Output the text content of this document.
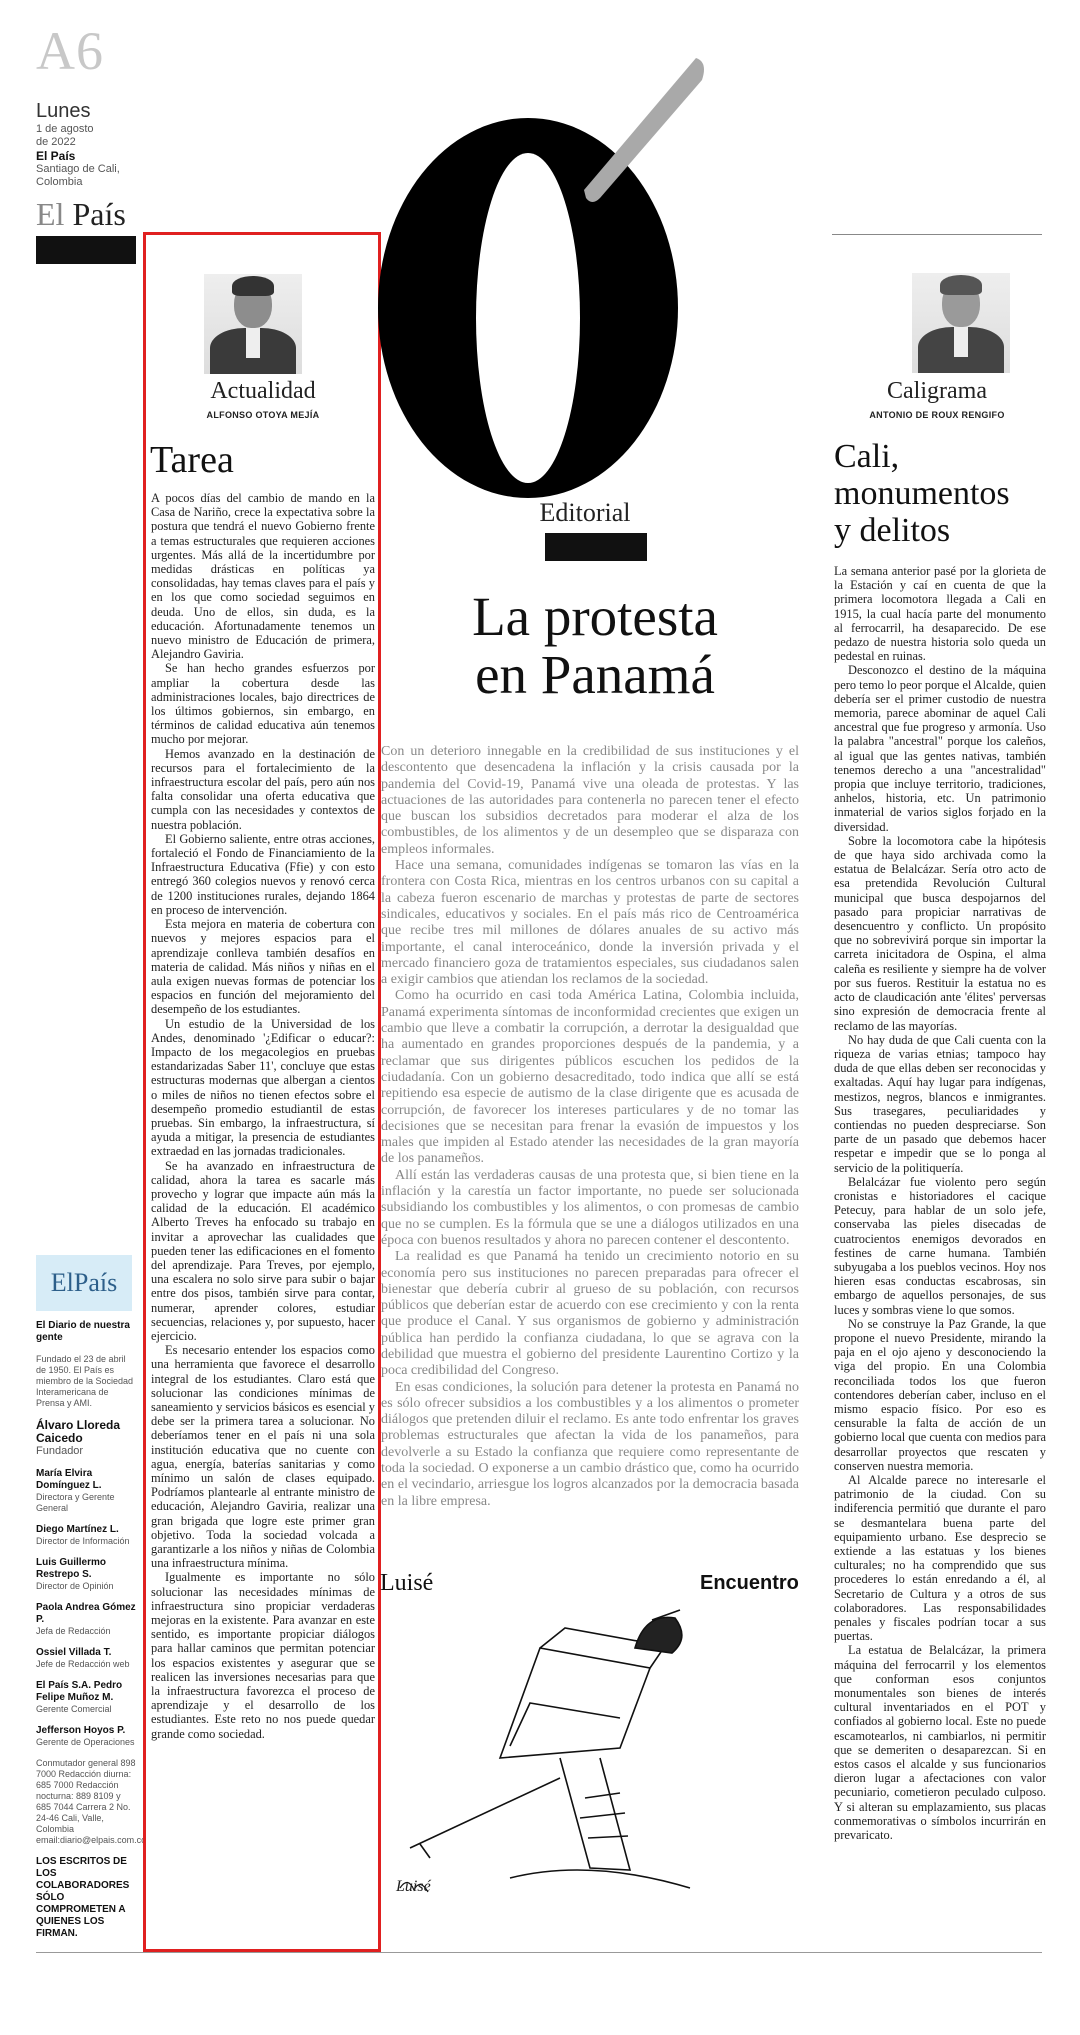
A6
Lunes
1 de agosto
de 2022
El País
Santiago de Cali,
Colombia
El País
ElPaís
El Diario de nuestra gente
Fundado el 23 de abril de 1950. El País es miembro de la Sociedad Interamericana de Prensa y AMI.
Álvaro Lloreda Caicedo
Fundador
María Elvira Domínguez L.
Directora y Gerente General
Diego Martínez L.
Director de Información
Luis Guillermo Restrepo S.
Director de Opinión
Paola Andrea Gómez P.
Jefa de Redacción
Ossiel Villada T.
Jefe de Redacción web
El País S.A. Pedro Felipe Muñoz M.
Gerente Comercial
Jefferson Hoyos P.
Gerente de Operaciones
Conmutador general 898 7000 Redacción diurna: 685 7000 Redacción nocturna: 889 8109 y 685 7044 Carrera 2 No. 24-46 Cali, Valle, Colombia email:diario@elpais.com.co
LOS ESCRITOS DE LOS COLABORADORES SÓLO COMPROMETEN A QUIENES LOS FIRMAN.
Actualidad
ALFONSO OTOYA MEJÍA
Tarea

A pocos días del cambio de mando en la Casa de Nariño, crece la expectativa sobre la postura que tendrá el nuevo Gobierno frente a temas estructurales que requieren acciones urgentes. Más allá de la incertidumbre por medidas drásticas en políticas ya consolidadas, hay temas claves para el país y en los que como sociedad seguimos en deuda. Uno de ellos, sin duda, es la educación. Afortunadamente tenemos un nuevo ministro de Educación de primera, Alejandro Gaviria.

Se han hecho grandes esfuerzos por ampliar la cobertura desde las administraciones locales, bajo directrices de los últimos gobiernos, sin embargo, en términos de calidad educativa aún tenemos mucho por mejorar.

Hemos avanzado en la destinación de recursos para el fortalecimiento de la infraestructura escolar del país, pero aún nos falta consolidar una oferta educativa que cumpla con las necesidades y contextos de nuestra población.

El Gobierno saliente, entre otras acciones, fortaleció el Fondo de Financiamiento de la Infraestructura Educativa (Ffie) y con esto entregó 360 colegios nuevos y renovó cerca de 1200 instituciones rurales, dejando 1864 en proceso de intervención.

Esta mejora en materia de cobertura con nuevos y mejores espacios para el aprendizaje conlleva también desafíos en materia de calidad. Más niños y niñas en el aula exigen nuevas formas de potenciar los espacios en función del mejoramiento del desempeño de los estudiantes.

Un estudio de la Universidad de los Andes, denominado '¿Edificar o educar?: Impacto de los megacolegios en pruebas estandarizadas Saber 11', concluye que estas estructuras modernas que albergan a cientos o miles de niños no tienen efectos sobre el desempeño promedio estudiantil de estas pruebas. Sin embargo, la infraestructura, sí ayuda a mitigar, la presencia de estudiantes extraedad en las jornadas tradicionales.

Se ha avanzado en infraestructura de calidad, ahora la tarea es sacarle más provecho y lograr que impacte aún más la calidad de la educación. El académico Alberto Treves ha enfocado su trabajo en invitar a aprovechar las cualidades que pueden tener las edificaciones en el fomento del aprendizaje. Para Treves, por ejemplo, una escalera no solo sirve para subir o bajar entre dos pisos, también sirve para contar, numerar, aprender colores, estudiar secuencias, relaciones y, por supuesto, hacer ejercicio.

Es necesario entender los espacios como una herramienta que favorece el desarrollo integral de los estudiantes. Claro está que solucionar las condiciones mínimas de saneamiento y servicios básicos es esencial y debe ser la primera tarea a solucionar. No deberíamos tener en el país ni una sola institución educativa que no cuente con agua, energía, baterías sanitarias y como mínimo un salón de clases equipado. Podríamos plantearle al entrante ministro de educación, Alejandro Gaviria, realizar una gran brigada que logre este primer gran objetivo. Toda la sociedad volcada a garantizarle a los niños y niñas de Colombia una infraestructura mínima.

Igualmente es importante no sólo solucionar las necesidades mínimas de infraestructura sino propiciar verdaderas mejoras en la existente. Para avanzar en este sentido, es importante propiciar diálogos para hallar caminos que permitan potenciar los espacios existentes y asegurar que se realicen las inversiones necesarias para que la infraestructura favorezca el proceso de aprendizaje y el desarrollo de los estudiantes. Este reto no nos puede quedar grande como sociedad.

Editorial
La protesta
en Panamá

Con un deterioro innegable en la credibilidad de sus instituciones y el descontento que desencadena la inflación y la crisis causada por la pandemia del Covid-19, Panamá vive una oleada de protestas. Y las actuaciones de las autoridades para contenerla no parecen tener el efecto que buscan los subsidios decretados para moderar el alza de los combustibles, de los alimentos y de un desempleo que se disparaza con empleos informales.

Hace una semana, comunidades indígenas se tomaron las vías en la frontera con Costa Rica, mientras en los centros urbanos con su capital a la cabeza fueron escenario de marchas y protestas de parte de sectores sindicales, educativos y sociales. En el país más rico de Centroamérica que recibe tres mil millones de dólares anuales de su activo más importante, el canal interoceánico, donde la inversión privada y el mercado financiero goza de tratamientos especiales, sus ciudadanos salen a exigir cambios que atiendan los reclamos de la sociedad.

Como ha ocurrido en casi toda América Latina, Colombia incluida, Panamá experimenta síntomas de inconformidad crecientes que exigen un cambio que lleve a combatir la corrupción, a derrotar la desigualdad que ha aumentado en grandes proporciones después de la pandemia, y a reclamar que sus dirigentes públicos escuchen los pedidos de la ciudadanía. Con un gobierno desacreditado, todo indica que allí se está repitiendo esa especie de autismo de la clase dirigente que es acusada de corrupción, de favorecer los intereses particulares y de no tomar las decisiones que se necesitan para frenar la evasión de impuestos y los males que impiden al Estado atender las necesidades de la gran mayoría de los panameños.

Allí están las verdaderas causas de una protesta que, si bien tiene en la inflación y la carestía un factor importante, no puede ser solucionada subsidiando los combustibles y los alimentos, o con promesas de cambio que no se cumplen. Es la fórmula que se une a diálogos utilizados en una época con buenos resultados y ahora no parecen contener el descontento.

La realidad es que Panamá ha tenido un crecimiento notorio en su economía pero sus instituciones no parecen preparadas para ofrecer el bienestar que debería cubrir al grueso de su población, con recursos públicos que deberían estar de acuerdo con ese crecimiento y con la renta que produce el Canal. Y sus organismos de gobierno y administración pública han perdido la confianza ciudadana, lo que se agrava con la debilidad que muestra el gobierno del presidente Laurentino Cortizo y la poca credibilidad del Congreso.

En esas condiciones, la solución para detener la protesta en Panamá no es sólo ofrecer subsidios a los combustibles y a los alimentos o prometer diálogos que pretenden diluir el reclamo. Es ante todo enfrentar los graves problemas estructurales que afectan la vida de los panameños, para devolverle a su Estado la confianza que requiere como representante de toda la sociedad. O exponerse a un cambio drástico que, como ha ocurrido en el vecindario, arriesgue los logros alcanzados por la democracia basada en la libre empresa.

Luisé	Encuentro
Luisé
Caligrama
ANTONIO DE ROUX RENGIFO
Cali,
monumentos
y delitos

La semana anterior pasé por la glorieta de la Estación y caí en cuenta de que la primera locomotora llegada a Cali en 1915, la cual hacía parte del monumento al ferrocarril, ha desaparecido. De ese pedazo de nuestra historia solo queda un pedestal en ruinas.

Desconozco el destino de la máquina pero temo lo peor porque el Alcalde, quien debería ser el primer custodio de nuestra memoria, parece abominar de aquel Cali ancestral que fue progreso y armonía. Uso la palabra "ancestral" porque los caleños, al igual que las gentes nativas, también tenemos derecho a una "ancestralidad" propia que incluye territorio, tradiciones, anhelos, historia, etc. Un patrimonio inmaterial de varios siglos forjado en la diversidad.

Sobre la locomotora cabe la hipótesis de que haya sido archivada como la estatua de Belalcázar. Sería otro acto de esa pretendida Revolución Cultural municipal que busca despojarnos del pasado para propiciar narrativas de desencuentro y conflicto. Un propósito que no sobrevivirá porque sin importar la carreta inicitadora de Ospina, el alma caleña es resiliente y siempre ha de volver por sus fueros. Restituir la estatua no es acto de claudicación ante 'élites' perversas sino expresión de democracia frente al reclamo de las mayorías.

No hay duda de que Cali cuenta con la riqueza de varias etnias; tampoco hay duda de que ellas deben ser reconocidas y exaltadas. Aquí hay lugar para indígenas, mestizos, negros, blancos e inmigrantes. Sus trasegares, peculiaridades y contiendas no pueden despreciarse. Son parte de un pasado que debemos hacer respetar e impedir que se lo ponga al servicio de la politiquería.

Belalcázar fue violento pero según cronistas e historiadores el cacique Petecuy, para hablar de un solo jefe, conservaba las pieles disecadas de cuatrocientos enemigos devorados en festines de carne humana. También subyugaba a los pueblos vecinos. Hoy nos hieren esas conductas escabrosas, sin embargo de aquellos personajes, de sus luces y sombras viene lo que somos.

No se construye la Paz Grande, la que propone el nuevo Presidente, mirando la paja en el ojo ajeno y desconociendo la viga del propio. En una Colombia reconciliada todos los que fueron contendores deberían caber, incluso en el mismo espacio físico. Por eso es censurable la falta de acción de un gobierno local que cuenta con medios para desarrollar proyectos que rescaten y conserven nuestra memoria.

Al Alcalde parece no interesarle el patrimonio de la ciudad. Con su indiferencia permitió que durante el paro se desmantelara buena parte del equipamiento urbano. Ese desprecio se extiende a las estatuas y los bienes culturales; no ha comprendido que sus procederes lo están enredando a él, al Secretario de Cultura y a otros de sus colaboradores. Las responsabilidades penales y fiscales podrían tocar a sus puertas.

La estatua de Belalcázar, la primera máquina del ferrocarril y los elementos que conforman esos conjuntos monumentales son bienes de interés cultural inventariados en el POT y confiados al gobierno local. Este no puede escamotearlos, ni cambiarlos, ni permitir que se demeriten o desaparezcan. Si en estos casos el alcalde y sus funcionarios dieron lugar a afectaciones con valor pecuniario, cometieron peculado culposo. Y si alteran su emplazamiento, sus placas conmemorativas o símbolos incurrirán en prevaricato.
